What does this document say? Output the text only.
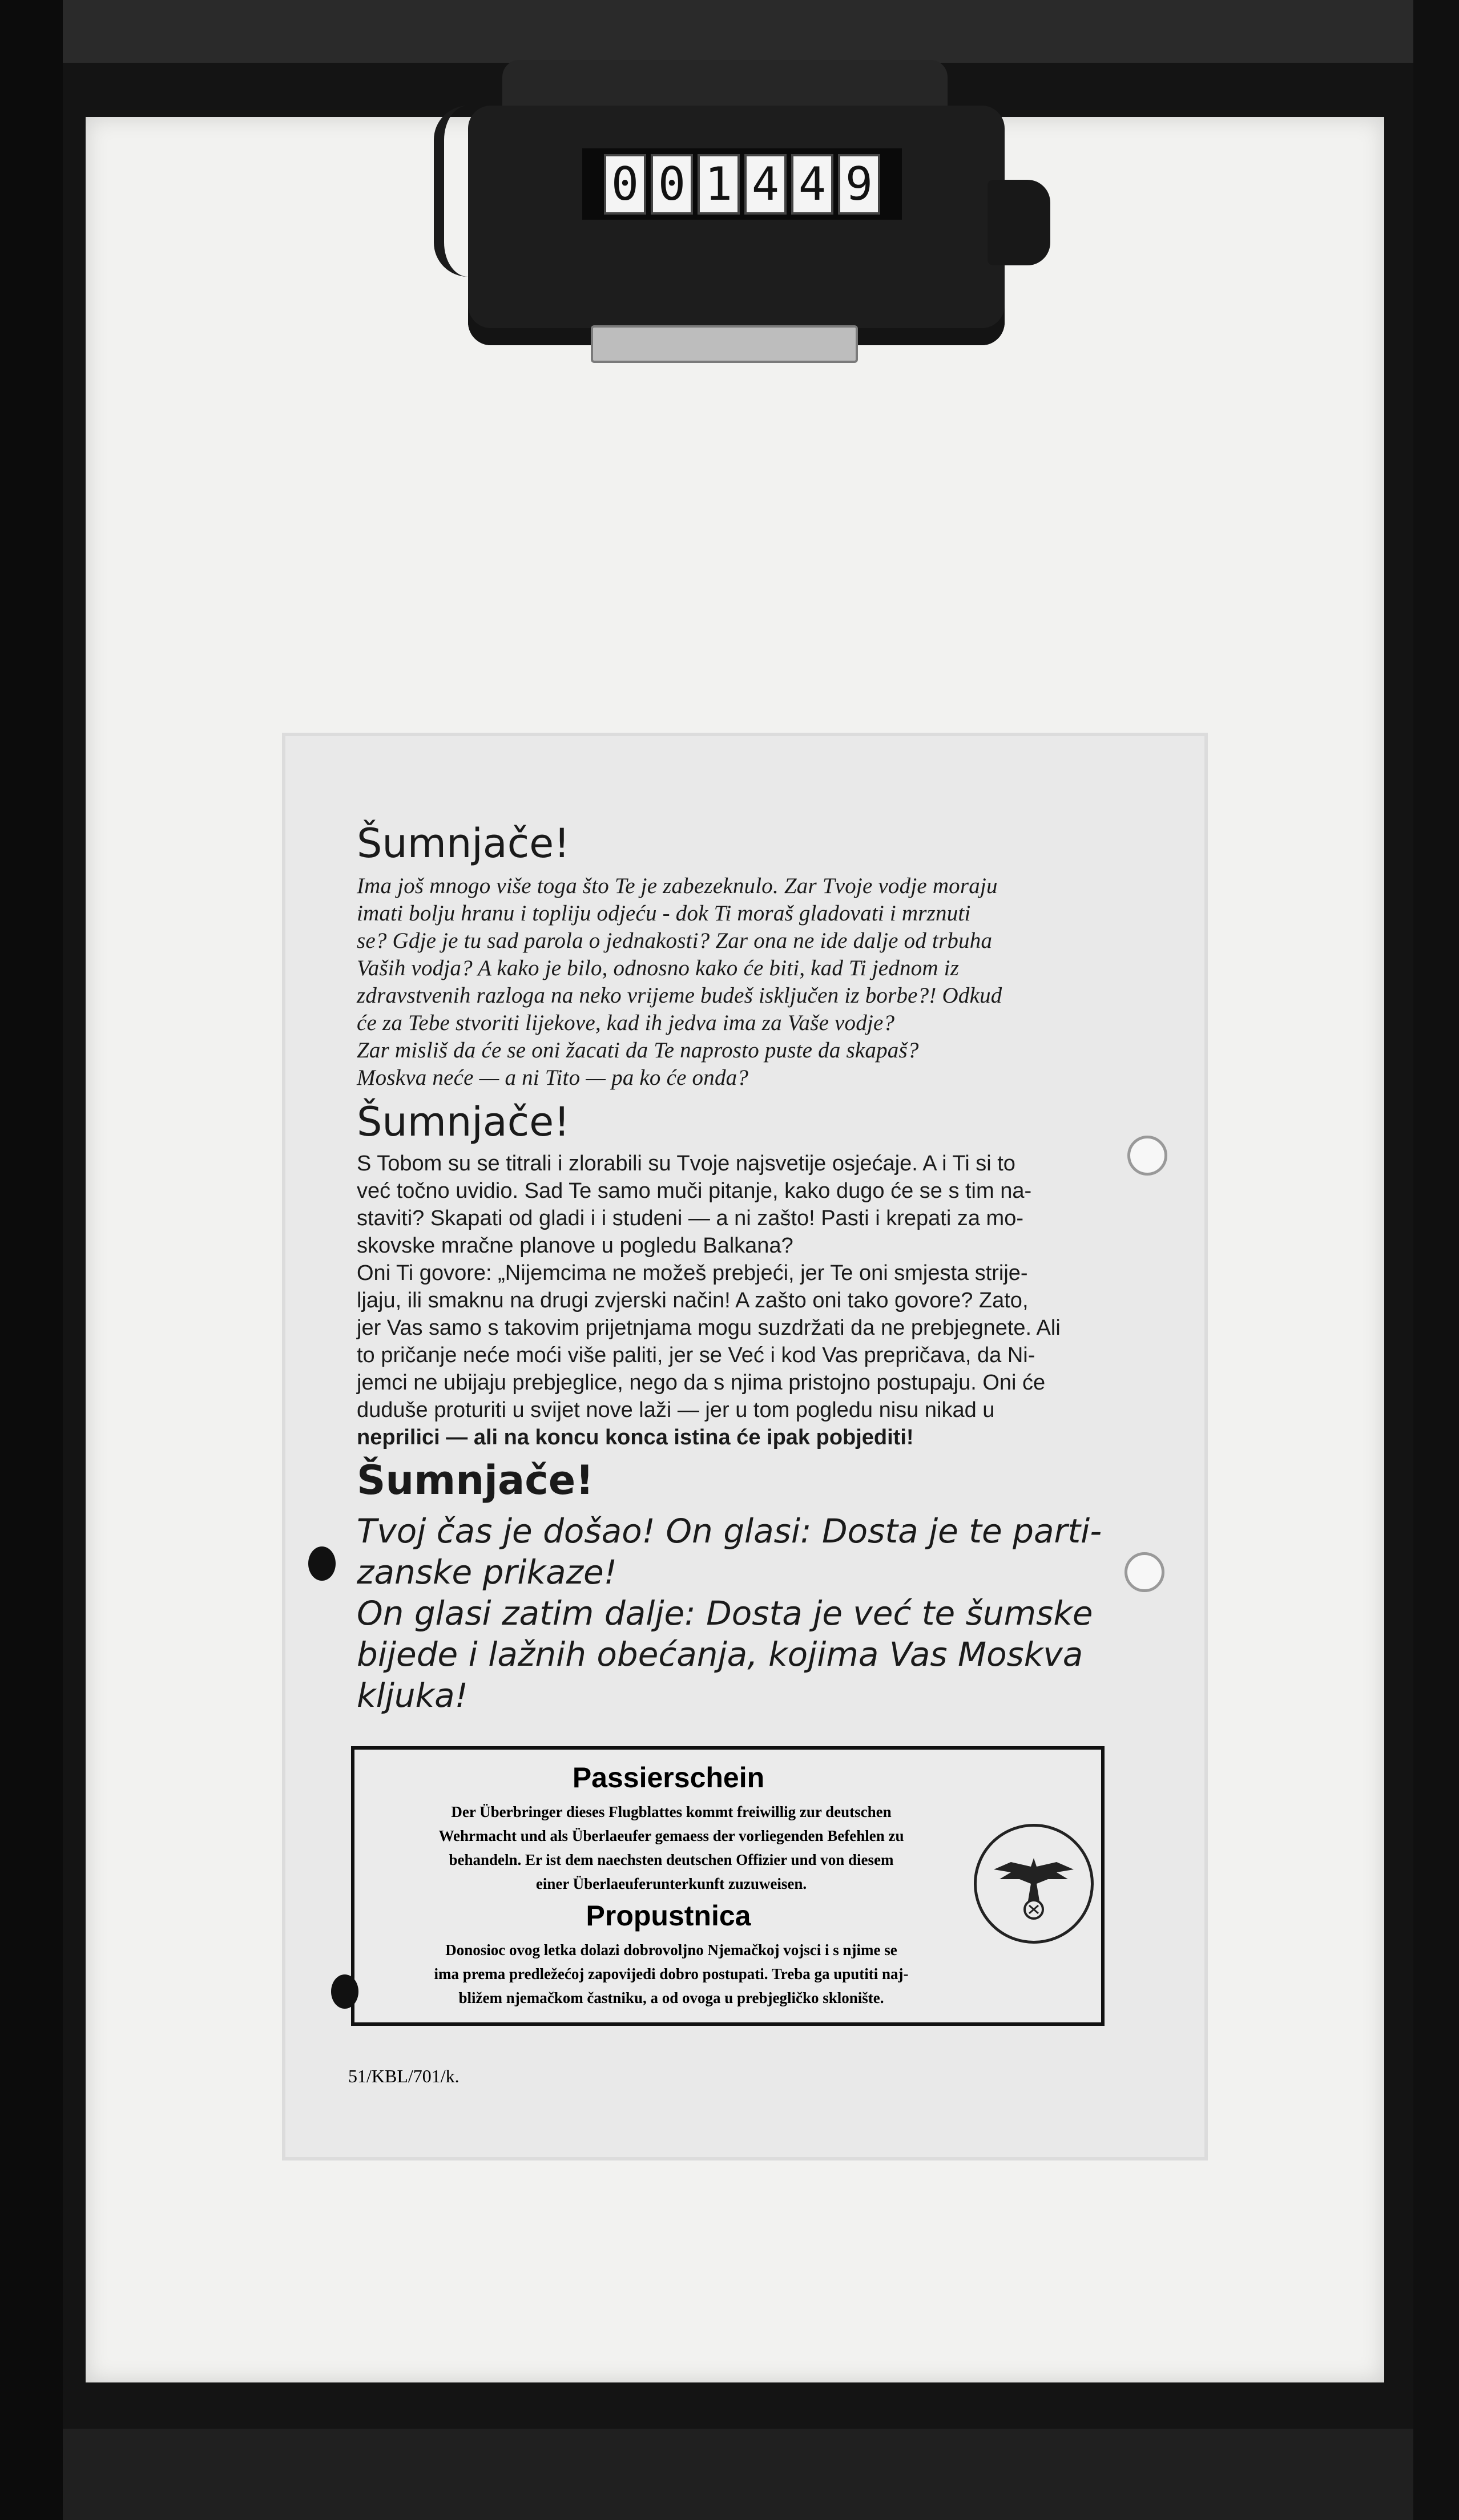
0 0 1 4 4 9
Šumnjače!
Ima još mnogo više toga što Te je zabezeknulo. Zar Tvoje vodje moraju
imati bolju hranu i topliju odjeću - dok Ti moraš gladovati i mrznuti
se? Gdje je tu sad parola o jednakosti? Zar ona ne ide dalje od trbuha
Vaših vodja? A kako je bilo, odnosno kako će biti, kad Ti jednom iz
zdravstvenih razloga na neko vrijeme budeš isključen iz borbe?! Odkud
će za Tebe stvoriti lijekove, kad ih jedva ima za Vaše vodje?
Zar misliš da će se oni žacati da Te naprosto puste da skapaš?
Moskva neće — a ni Tito — pa ko će onda?
Šumnjače!

S Tobom su se titrali i zlorabili su Tvoje najsvetije osjećaje. A i Ti si to

već točno uvidio. Sad Te samo muči pitanje, kako dugo će se s tim na-

staviti? Skapati od gladi i i studeni — a ni zašto! Pasti i krepati za mo-

skovske mračne planove u pogledu Balkana?

Oni Ti govore: „Nijemcima ne možeš prebjeći, jer Te oni smjesta strije-

ljaju, ili smaknu na drugi zvjerski način! A zašto oni tako govore? Zato,

jer Vas samo s takovim prijetnjama mogu suzdržati da ne prebjegnete. Ali

to pričanje neće moći više paliti, jer se Već i kod Vas prepričava, da Ni-

jemci ne ubijaju prebjeglice, nego da s njima pristojno postupaju. Oni će

duduše proturiti u svijet nove laži — jer u tom pogledu nisu nikad u

neprilici — ali na koncu konca istina će ipak pobjediti!

Šumnjače!

Tvoj čas je došao! On glasi: Dosta je te parti-

zanske prikaze!

On glasi zatim dalje: Dosta je već te šumske

bijede i lažnih obećanja, kojima Vas Moskva

kljuka!

Passierschein
Der Überbringer dieses Flugblattes kommt freiwillig zur deutschen
Wehrmacht und als Überlaeufer gemaess der vorliegenden Befehlen zu
behandeln. Er ist dem naechsten deutschen Offizier und von diesem
einer Überlaeuferunterkunft zuzuweisen.
Propustnica
Donosioc ovog letka dolazi dobrovoljno Njemačkoj vojsci i s njime se
ima prema predležećoj zapovijedi dobro postupati. Treba ga uputiti naj-
bližem njemačkom častniku, a od ovoga u prebjegličko sklonište.
51/KBL/701/k.
